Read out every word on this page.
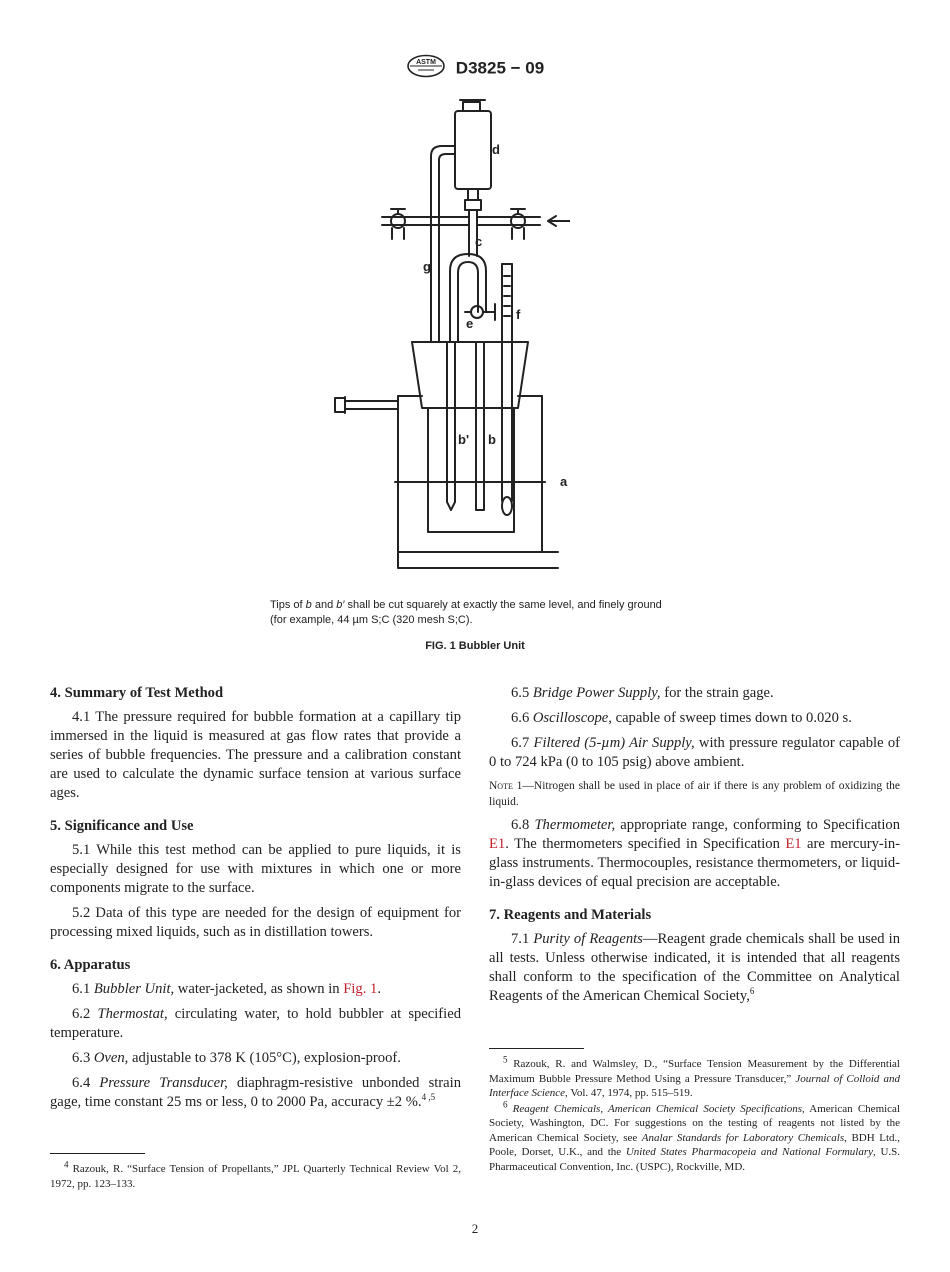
ASTM D3825 − 09
d
c
g
e
f
b' b
a
Tips of b and b′ shall be cut squarely at exactly the same level, and finely ground (for example, 44 µm S;C (320 mesh S;C).
FIG. 1 Bubbler Unit
4. Summary of Test Method

4.1 The pressure required for bubble formation at a capillary tip immersed in the liquid is measured at gas flow rates that provide a series of bubble frequencies. The pressure and a calibration constant are used to calculate the dynamic surface tension at various surface ages.

5. Significance and Use

5.1 While this test method can be applied to pure liquids, it is especially designed for use with mixtures in which one or more components migrate to the surface.

5.2 Data of this type are needed for the design of equipment for processing mixed liquids, such as in distillation towers.

6. Apparatus

6.1 Bubbler Unit, water-jacketed, as shown in Fig. 1.

6.2 Thermostat, circulating water, to hold bubbler at specified temperature.

6.3 Oven, adjustable to 378 K (105°C), explosion-proof.

6.4 Pressure Transducer, diaphragm-resistive unbonded strain gage, time constant 25 ms or less, 0 to 2000 Pa, accuracy ±2 %.$^{4 ,5}$

$^4$ Razouk, R. “Surface Tension of Propellants,” JPL Quarterly Technical Review Vol 2, 1972, pp. 123–133.

6.5 Bridge Power Supply, for the strain gage.

6.6 Oscilloscope, capable of sweep times down to 0.020 s.

6.7 Filtered (5-µm) Air Supply, with pressure regulator capable of 0 to 724 kPa (0 to 105 psig) above ambient.

Note 1—Nitrogen shall be used in place of air if there is any problem of oxidizing the liquid.

6.8 Thermometer, appropriate range, conforming to Specification E1. The thermometers specified in Specification E1 are mercury-in-glass instruments. Thermocouples, resistance thermometers, or liquid-in-glass devices of equal precision are acceptable.

7. Reagents and Materials

7.1 Purity of Reagents—Reagent grade chemicals shall be used in all tests. Unless otherwise indicated, it is intended that all reagents shall conform to the specification of the Committee on Analytical Reagents of the American Chemical Society,$^6$

$^5$ Razouk, R. and Walmsley, D., “Surface Tension Measurement by the Differential Maximum Bubble Pressure Method Using a Pressure Transducer,” Journal of Colloid and Interface Science, Vol. 47, 1974, pp. 515–519.

$^6$ Reagent Chemicals, American Chemical Society Specifications, American Chemical Society, Washington, DC. For suggestions on the testing of reagents not listed by the American Chemical Society, see Analar Standards for Laboratory Chemicals, BDH Ltd., Poole, Dorset, U.K., and the United States Pharmacopeia and National Formulary, U.S. Pharmaceutical Convention, Inc. (USPC), Rockville, MD.

2
